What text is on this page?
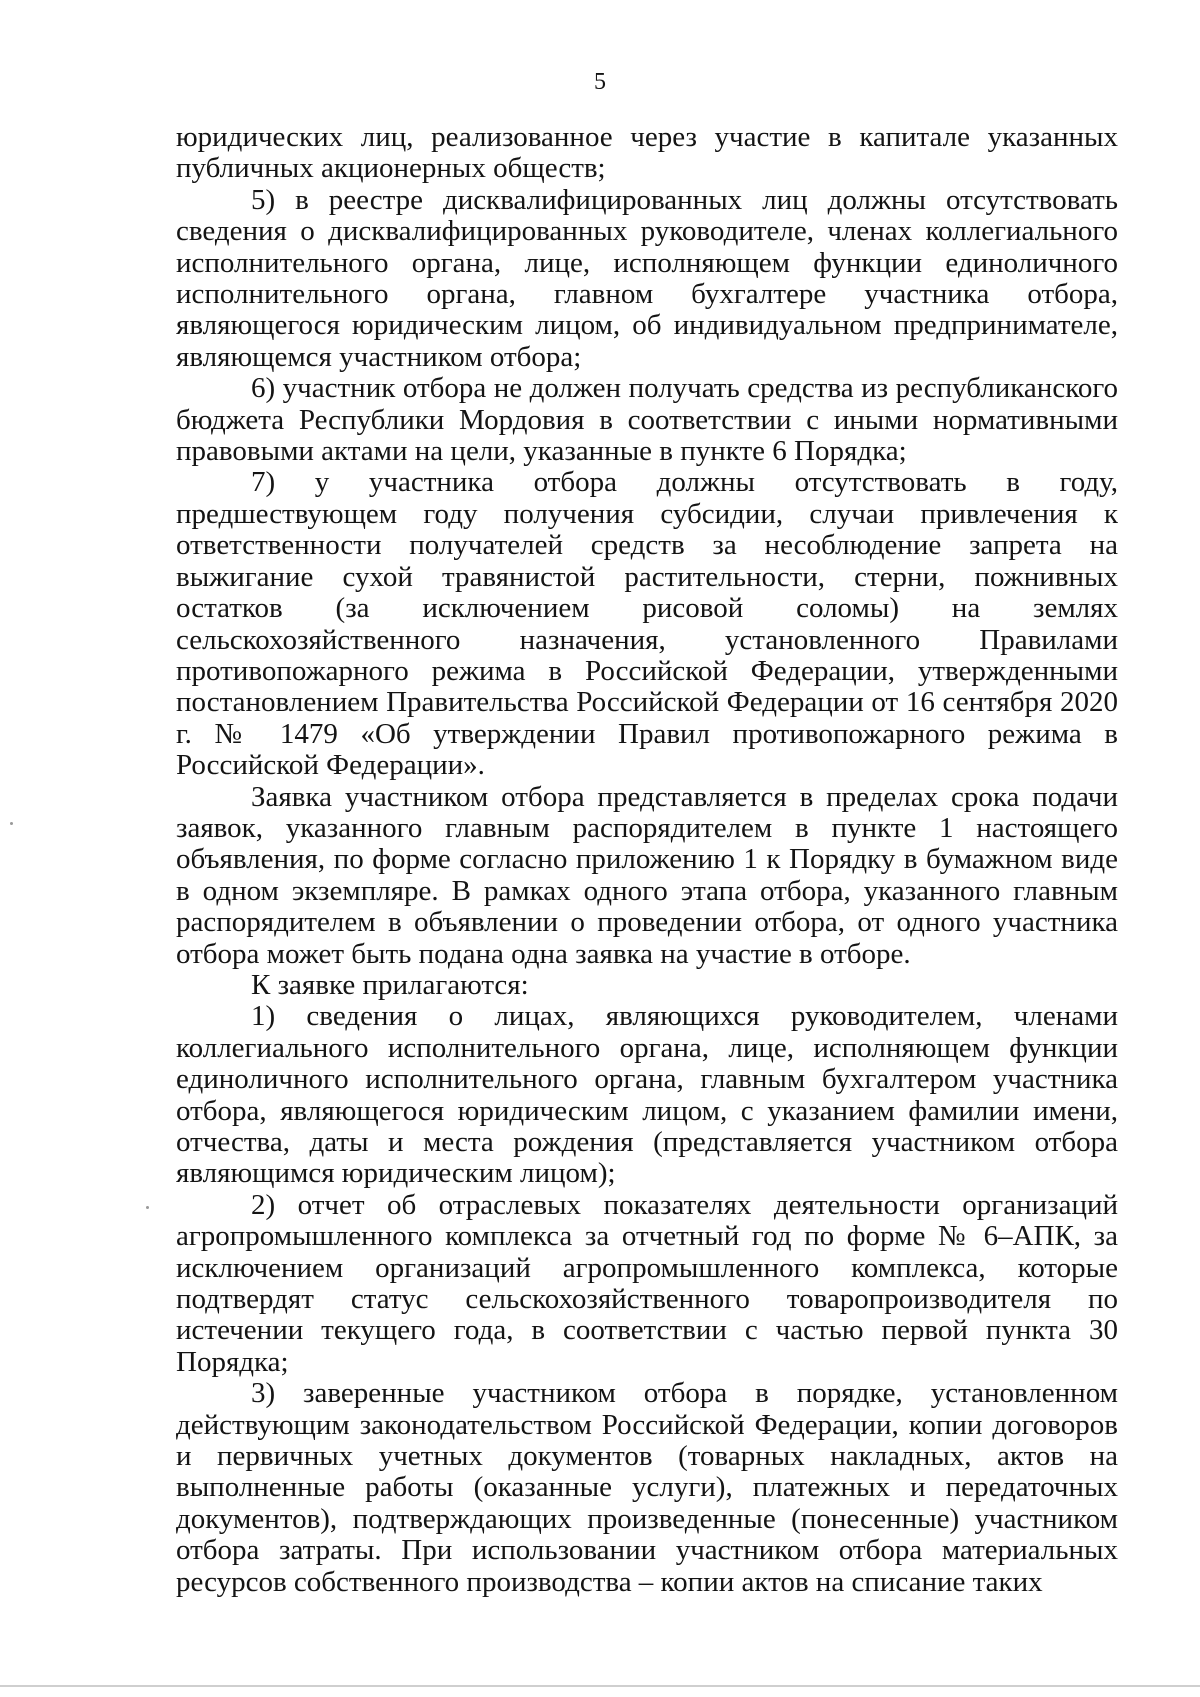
5

юридических лиц, реализованное через участие в капитале указанных публичных акционерных обществ;

5) в реестре дисквалифицированных лиц должны отсутствовать сведения о дисквалифицированных руководителе, членах коллегиального исполнительного органа, лице, исполняющем функции единоличного исполнительного органа, главном бухгалтере участника отбора, являющегося юридическим лицом, об индивидуальном предпринимателе, являющемся участником отбора;

6) участник отбора не должен получать средства из республиканского бюджета Республики Мордовия в соответствии с иными нормативными правовыми актами на цели, указанные в пункте 6 Порядка;

7) у участника отбора должны отсутствовать в году, предшествующем году получения субсидии, случаи привлечения к ответственности получателей средств за несоблюдение запрета на выжигание сухой травянистой растительности, стерни, пожнивных остатков (за исключением рисовой соломы) на землях сельскохозяйственного назначения, установленного Правилами противопожарного режима в Российской Федерации, утвержденными постановлением Правительства Российской Федерации от 16 сентября 2020 г. № 1479 «Об утверждении Правил противопожарного режима в Российской Федерации».

Заявка участником отбора представляется в пределах срока подачи заявок, указанного главным распорядителем в пункте 1 настоящего объявления, по форме согласно приложению 1 к Порядку в бумажном виде в одном экземпляре. В рамках одного этапа отбора, указанного главным распорядителем в объявлении о проведении отбора, от одного участника отбора может быть подана одна заявка на участие в отборе.

К заявке прилагаются:

1) сведения о лицах, являющихся руководителем, членами коллегиального исполнительного органа, лице, исполняющем функции единоличного исполнительного органа, главным бухгалтером участника отбора, являющегося юридическим лицом, с указанием фамилии имени, отчества, даты и места рождения (представляется участником отбора являющимся юридическим лицом);

2) отчет об отраслевых показателях деятельности организаций агропромышленного комплекса за отчетный год по форме № 6–АПК, за исключением организаций агропромышленного комплекса, которые подтвердят статус сельскохозяйственного товаропроизводителя по истечении текущего года, в соответствии с частью первой пункта 30 Порядка;

3) заверенные участником отбора в порядке, установленном действующим законодательством Российской Федерации, копии договоров и первичных учетных документов (товарных накладных, актов на выполненные работы (оказанные услуги), платежных и передаточных документов), подтверждающих произведенные (понесенные) участником отбора затраты. При использовании участником отбора материальных ресурсов собственного производства – копии актов на списание таких
